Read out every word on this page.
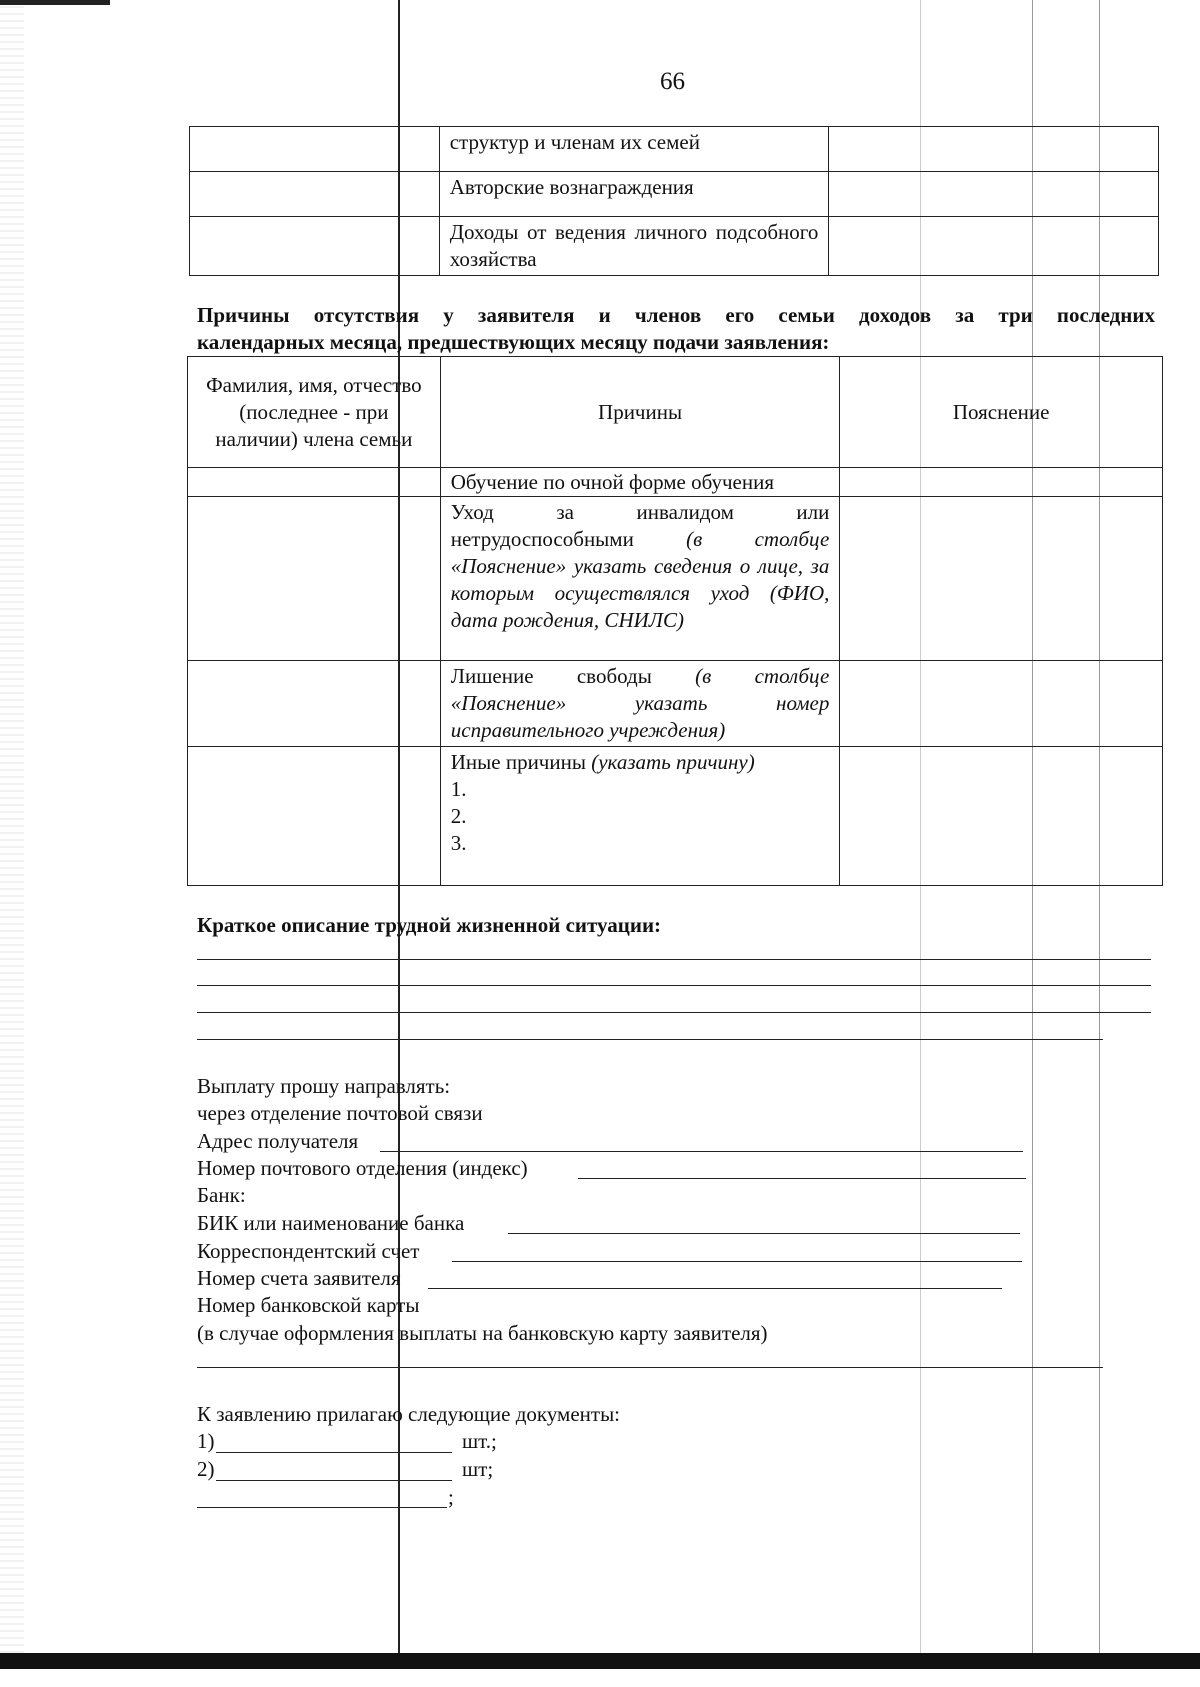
66
		структур и членам их семей	
		Авторские вознаграждения	
		Доходы от ведения личного подсобного хозяйства	
Причины отсутствия у заявителя и членов его семьи доходов за три последних
календарных месяца, предшествующих месяцу подачи заявления:
Фамилия, имя, отчество (последнее - при наличии) члена семьи	Причины	Пояснение
	Обучение по очной форме обучения	
	Уход за инвалидом или нетрудоспособными (в столбце «Пояснение» указать сведения о лице, за которым осуществлялся уход (ФИО, дата рождения, СНИЛС)	
	Лишение свободы (в столбце «Пояснение» указать номер исправительного учреждения)	

	Иные причины (указать причину)
1.
2.
3.	

Краткое описание трудной жизненной ситуации:
Выплату прошу направлять:
через отделение почтовой связи
Адрес получателя
Номер почтового отделения (индекс)
Банк:
БИК или наименование банка
Корреспондентский счет
Номер счета заявителя
Номер банковской карты
(в случае оформления выплаты на банковскую карту заявителя)
К заявлению прилагаю следующие документы:
1)	шт.;
2)	шт;
;
